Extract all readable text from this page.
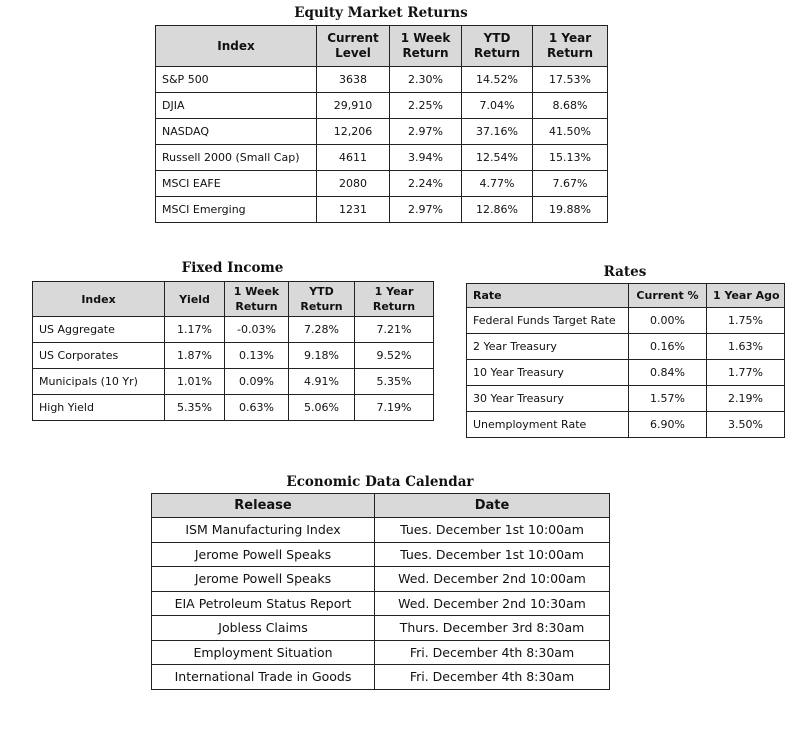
Equity Market Returns
Index	Current Level	1 Week Return	YTD Return	1 Year Return
S&P 500	3638	2.30%	14.52%	17.53%
DJIA	29,910	2.25%	7.04%	8.68%
NASDAQ	12,206	2.97%	37.16%	41.50%
Russell 2000 (Small Cap)	4611	3.94%	12.54%	15.13%
MSCI EAFE	2080	2.24%	4.77%	7.67%
MSCI Emerging	1231	2.97%	12.86%	19.88%
Fixed Income
Index	Yield	1 Week Return	YTD Return	1 Year Return
US Aggregate	1.17%	-0.03%	7.28%	7.21%
US Corporates	1.87%	0.13%	9.18%	9.52%
Municipals (10 Yr)	1.01%	0.09%	4.91%	5.35%
High Yield	5.35%	0.63%	5.06%	7.19%
Rates
Rate	Current %	1 Year Ago
Federal Funds Target Rate	0.00%	1.75%
2 Year Treasury	0.16%	1.63%
10 Year Treasury	0.84%	1.77%
30 Year Treasury	1.57%	2.19%
Unemployment Rate	6.90%	3.50%
Economic Data Calendar
Release	Date
ISM Manufacturing Index	Tues. December 1st 10:00am
Jerome Powell Speaks	Tues. December 1st 10:00am
Jerome Powell Speaks	Wed. December 2nd 10:00am
EIA Petroleum Status Report	Wed. December 2nd 10:30am
Jobless Claims	Thurs. December 3rd 8:30am
Employment Situation	Fri. December 4th 8:30am
International Trade in Goods	Fri. December 4th 8:30am
